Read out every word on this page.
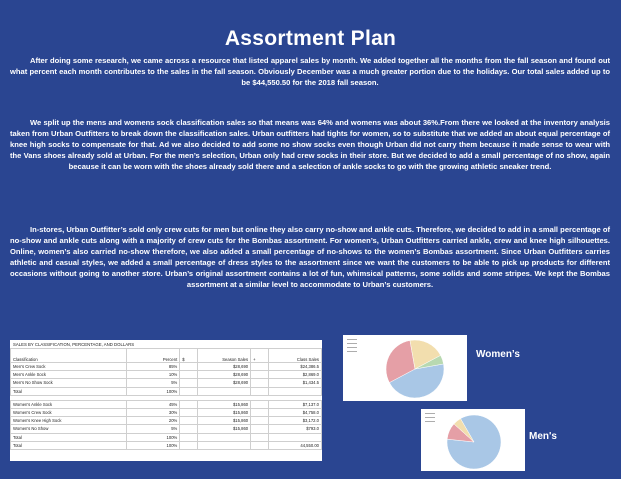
Assortment Plan
After doing some research, we came across a resource that listed apparel sales by month. We added together all the months from the fall season and found out what percent each month contributes to the sales in the fall season. Obviously December was a much greater portion due to the holidays. Our total sales added up to be $44,550.50 for the 2018 fall season.
We split up the mens and womens sock classification sales so that means was 64% and womens was about 36%.From there we looked at the inventory analysis taken from Urban Outfitters to break down the classification sales. Urban outfitters had tights for women, so to substitute that we added an about equal percentage of knee high socks to compensate for that. Ad we also decided to add some no show socks even though Urban did not carry them because it made sense to wear with the Vans shoes already sold at Urban. For the men’s selection, Urban only had crew socks in their store. But we decided to add a small percentage of no show, again because it can be worn with the shoes already sold there and a selection of ankle socks to go with the growing athletic sneaker trend.
In-stores, Urban Outfitter’s sold only crew cuts for men but online they also carry no-show and ankle cuts. Therefore, we decided to add in a small percentage of no-show and ankle cuts along with a majority of crew cuts for the Bombas assortment. For women’s, Urban Outfitters carried ankle, crew and knee high silhouettes. Online, women’s also carried no-show therefore, we also added a small percentage of no-shows to the women’s Bombas assortment. Since Urban Outfitters carries athletic and casual styles, we added a small percentage of dress styles to the assortment since we want the customers to be able to pick up products for different occasions without going to another store. Urban’s original assortment contains a lot of fun, whimsical patterns, some solids and some stripes. We kept the Bombas assortment at a similar level to accommodate to Urban’s customers.
SALES BY CLASSIFICATION, PERCENTAGE, AND DOLLARS
Classification	Percent	$	Season Sales	+	Class Sales
Men's Crew Sock	85%		$28,690		$24,386.5
Men's Ankle Sock	10%		$28,690		$2,869.0
Men's No Show Sock	5%		$28,690		$1,434.5
Total	100%				

Women's Ankle Sock	45%		$15,860		$7,137.0
Women's Crew Sock	30%		$15,860		$4,758.0
Women's Knee High Sock	20%		$15,860		$3,172.0
Women's No Show	5%		$15,860		$793.0
Total	100%				
Total	100%				44,550.00
Women’s
Men's
